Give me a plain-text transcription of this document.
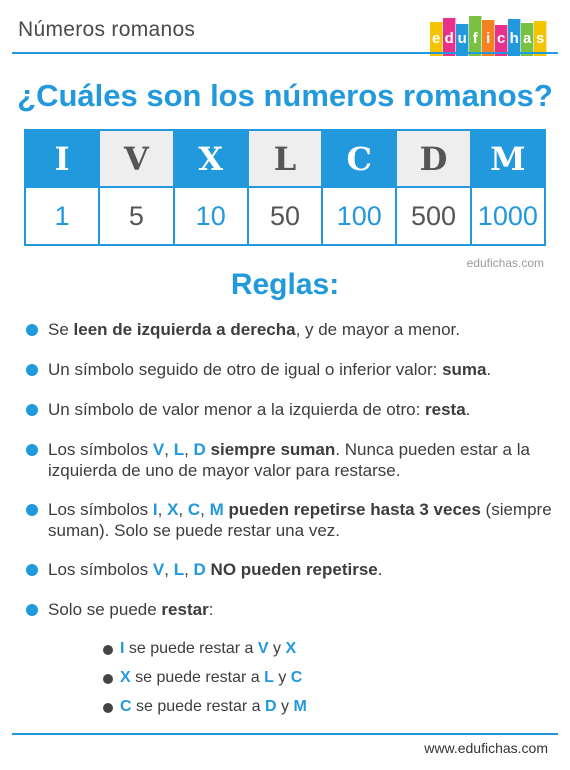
Números romanos	e d u f i c h a s
¿Cuáles son los números romanos?
I	V	X	L	C	D	M
1	5	10	50	100	500	1000
edufichas.com
Reglas:
Se leen de izquierda a derecha, y de mayor a menor.
Un símbolo seguido de otro de igual o inferior valor: suma.
Un símbolo de valor menor a la izquierda de otro: resta.
Los símbolos V, L, D siempre suman. Nunca pueden estar a la izquierda de uno de mayor valor para restarse.
Los símbolos I, X, C, M pueden repetirse hasta 3 veces (siempre suman). Solo se puede restar una vez.
Los símbolos V, L, D NO pueden repetirse.
Solo se puede restar:
I se puede restar a V y X
X se puede restar a L y C
C se puede restar a D y M
www.edufichas.com
